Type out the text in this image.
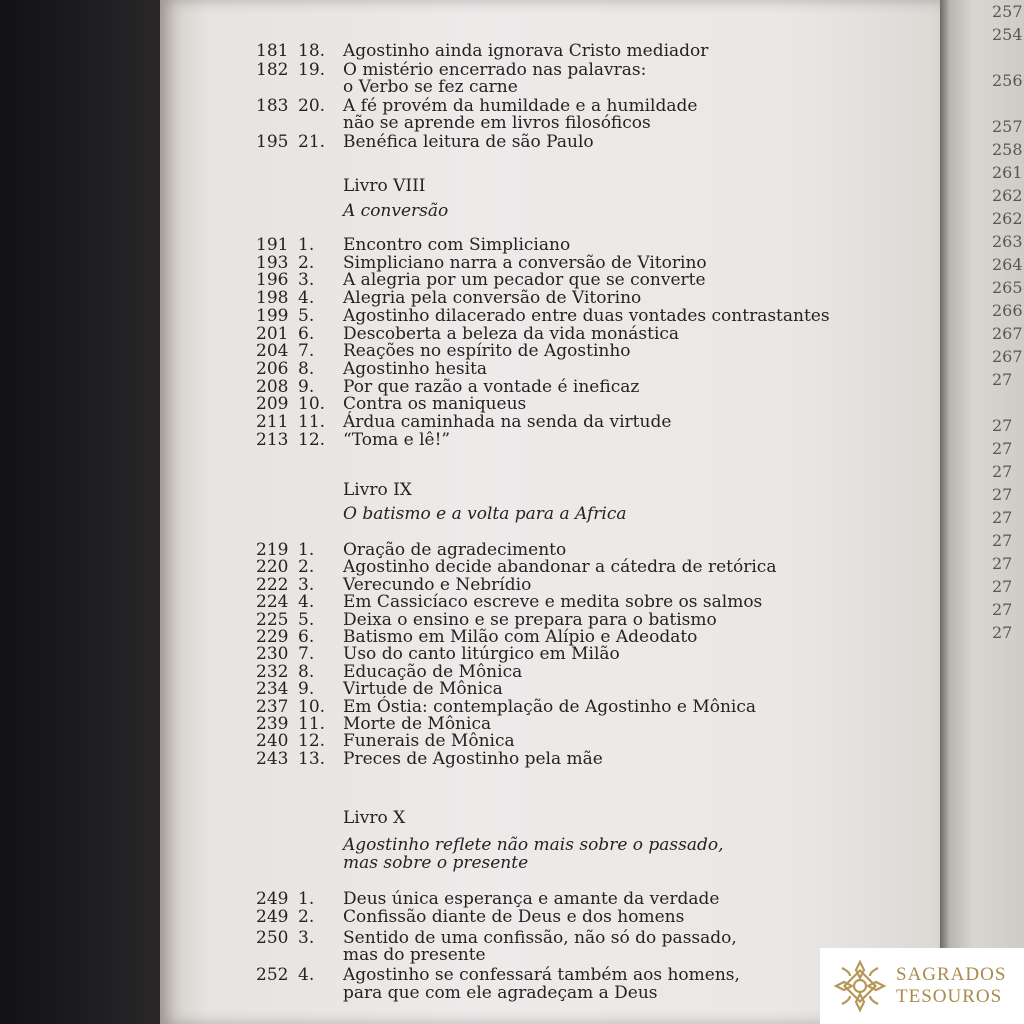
257
254
256
257
258
261
262
262
263
264
265
266
267
267
27
27
27
27
27
27
27
27
27
27
27
181 18.	Agostinho ainda ignorava Cristo mediador
182 19.	O mistério encerrado nas palavras:
o Verbo se fez carne
183 20.	A fé provém da humildade e a humildade
não se aprende em livros filosóficos
195 21.	Benéfica leitura de são Paulo
Livro VIII
A conversão
191 1.	Encontro com Simpliciano
193 2.	Simpliciano narra a conversão de Vitorino
196 3.	A alegria por um pecador que se converte
198 4.	Alegria pela conversão de Vitorino
199 5.	Agostinho dilacerado entre duas vontades contrastantes
201 6.	Descoberta a beleza da vida monástica
204 7.	Reações no espírito de Agostinho
206 8.	Agostinho hesita
208 9.	Por que razão a vontade é ineficaz
209 10.	Contra os maniqueus
211 11.	Árdua caminhada na senda da virtude
213 12.	“Toma e lê!”
Livro IX
O batismo e a volta para a Africa
219 1.	Oração de agradecimento
220 2.	Agostinho decide abandonar a cátedra de retórica
222 3.	Verecundo e Nebrídio
224 4.	Em Cassicíaco escreve e medita sobre os salmos
225 5.	Deixa o ensino e se prepara para o batismo
229 6.	Batismo em Milão com Alípio e Adeodato
230 7.	Uso do canto litúrgico em Milão
232 8.	Educação de Mônica
234 9.	Virtude de Mônica
237 10.	Em Óstia: contemplação de Agostinho e Mônica
239 11.	Morte de Mônica
240 12.	Funerais de Mônica
243 13.	Preces de Agostinho pela mãe
Livro X
Agostinho reflete não mais sobre o passado,
mas sobre o presente
249 1.	Deus única esperança e amante da verdade
249 2.	Confissão diante de Deus e dos homens
250 3.	Sentido de uma confissão, não só do passado,
mas do presente
252 4.	Agostinho se confessará também aos homens,
para que com ele agradeçam a Deus
SAGRADOS
TESOUROS
